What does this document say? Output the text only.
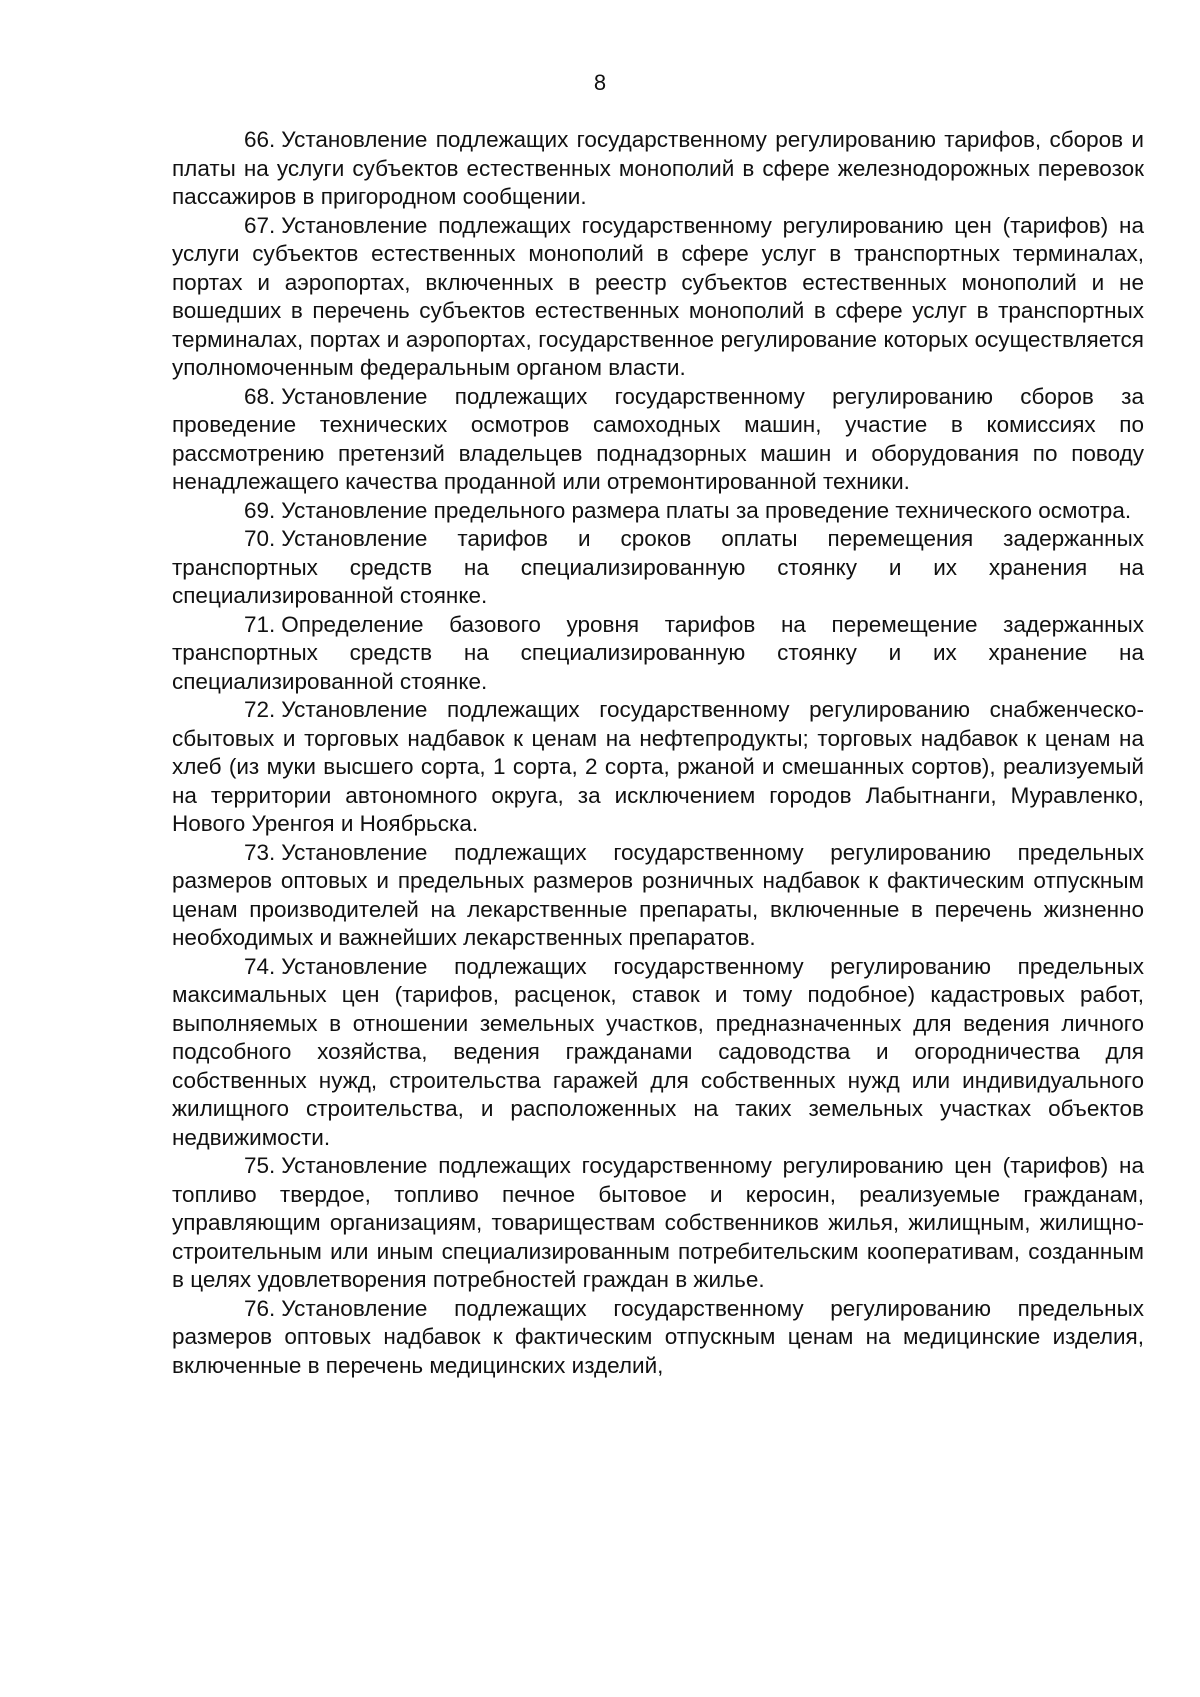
8

66. Установление подлежащих государственному регулированию тарифов, сборов и платы на услуги субъектов естественных монополий в сфере железнодорожных перевозок пассажиров в пригородном сообщении.

67. Установление подлежащих государственному регулированию цен (тарифов) на услуги субъектов естественных монополий в сфере услуг в транспортных терминалах, портах и аэропортах, включенных в реестр субъектов естественных монополий и не вошедших в перечень субъектов естественных монополий в сфере услуг в транспортных терминалах, портах и аэропортах, государственное регулирование которых осуществляется уполномоченным федеральным органом власти.

68. Установление подлежащих государственному регулированию сборов за проведение технических осмотров самоходных машин, участие в комиссиях по рассмотрению претензий владельцев поднадзорных машин и оборудования по поводу ненадлежащего качества проданной или отремонтированной техники.

69. Установление предельного размера платы за проведение технического осмотра.

70. Установление тарифов и сроков оплаты перемещения задержанных транспортных средств на специализированную стоянку и их хранения на специализированной стоянке.

71. Определение базового уровня тарифов на перемещение задержанных транспортных средств на специализированную стоянку и их хранение на специализированной стоянке.

72. Установление подлежащих государственному регулированию снабженческо-сбытовых и торговых надбавок к ценам на нефтепродукты; торговых надбавок к ценам на хлеб (из муки высшего сорта, 1 сорта, 2 сорта, ржаной и смешанных сортов), реализуемый на территории автономного округа, за исключением городов Лабытнанги, Муравленко, Нового Уренгоя и Ноябрьска.

73. Установление подлежащих государственному регулированию предельных размеров оптовых и предельных размеров розничных надбавок к фактическим отпускным ценам производителей на лекарственные препараты, включенные в перечень жизненно необходимых и важнейших лекарственных препаратов.

74. Установление подлежащих государственному регулированию предельных максимальных цен (тарифов, расценок, ставок и тому подобное) кадастровых работ, выполняемых в отношении земельных участков, предназначенных для ведения личного подсобного хозяйства, ведения гражданами садоводства и огородничества для собственных нужд, строительства гаражей для собственных нужд или индивидуального жилищного строительства, и расположенных на таких земельных участках объектов недвижимости.

75. Установление подлежащих государственному регулированию цен (тарифов) на топливо твердое, топливо печное бытовое и керосин, реализуемые гражданам, управляющим организациям, товариществам собственников жилья, жилищным, жилищно-строительным или иным специализированным потребительским кооперативам, созданным в целях удовлетворения потребностей граждан в жилье.

76. Установление подлежащих государственному регулированию предельных размеров оптовых надбавок к фактическим отпускным ценам на медицинские изделия, включенные в перечень медицинских изделий,
